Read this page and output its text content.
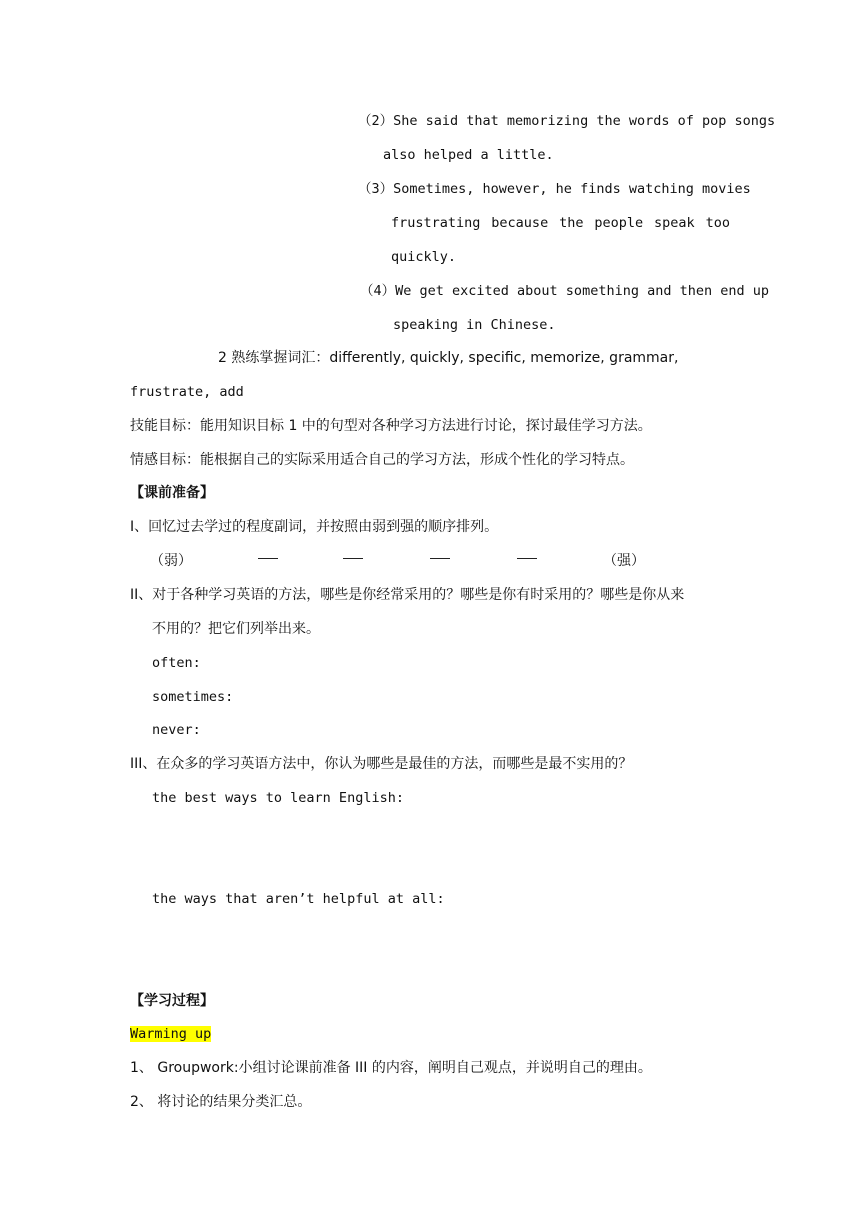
（2）She said that memorizing the words of pop songs
also helped a little.
（3）Sometimes, however, he finds watching movies
frustrating because the people speak too
quickly.
（4）We get excited about something and then end up
speaking in Chinese.
2 熟练掌握词汇：differently, quickly, specific, memorize, grammar,
frustrate, add
技能目标：能用知识目标 1 中的句型对各种学习方法进行讨论，探讨最佳学习方法。
情感目标：能根据自己的实际采用适合自己的学习方法，形成个性化的学习特点。
【课前准备】
I、回忆过去学过的程度副词，并按照由弱到强的顺序排列。
（弱）	（强）
II、对于各种学习英语的方法，哪些是你经常采用的？哪些是你有时采用的？哪些是你从来
不用的？把它们列举出来。
often:
sometimes:
never:
III、在众多的学习英语方法中，你认为哪些是最佳的方法，而哪些是最不实用的？
the best ways to learn English:
the ways that aren’t helpful at all:
【学习过程】
Warming up
1、 Groupwork:小组讨论课前准备 III 的内容，阐明自己观点，并说明自己的理由。
2、 将讨论的结果分类汇总。
